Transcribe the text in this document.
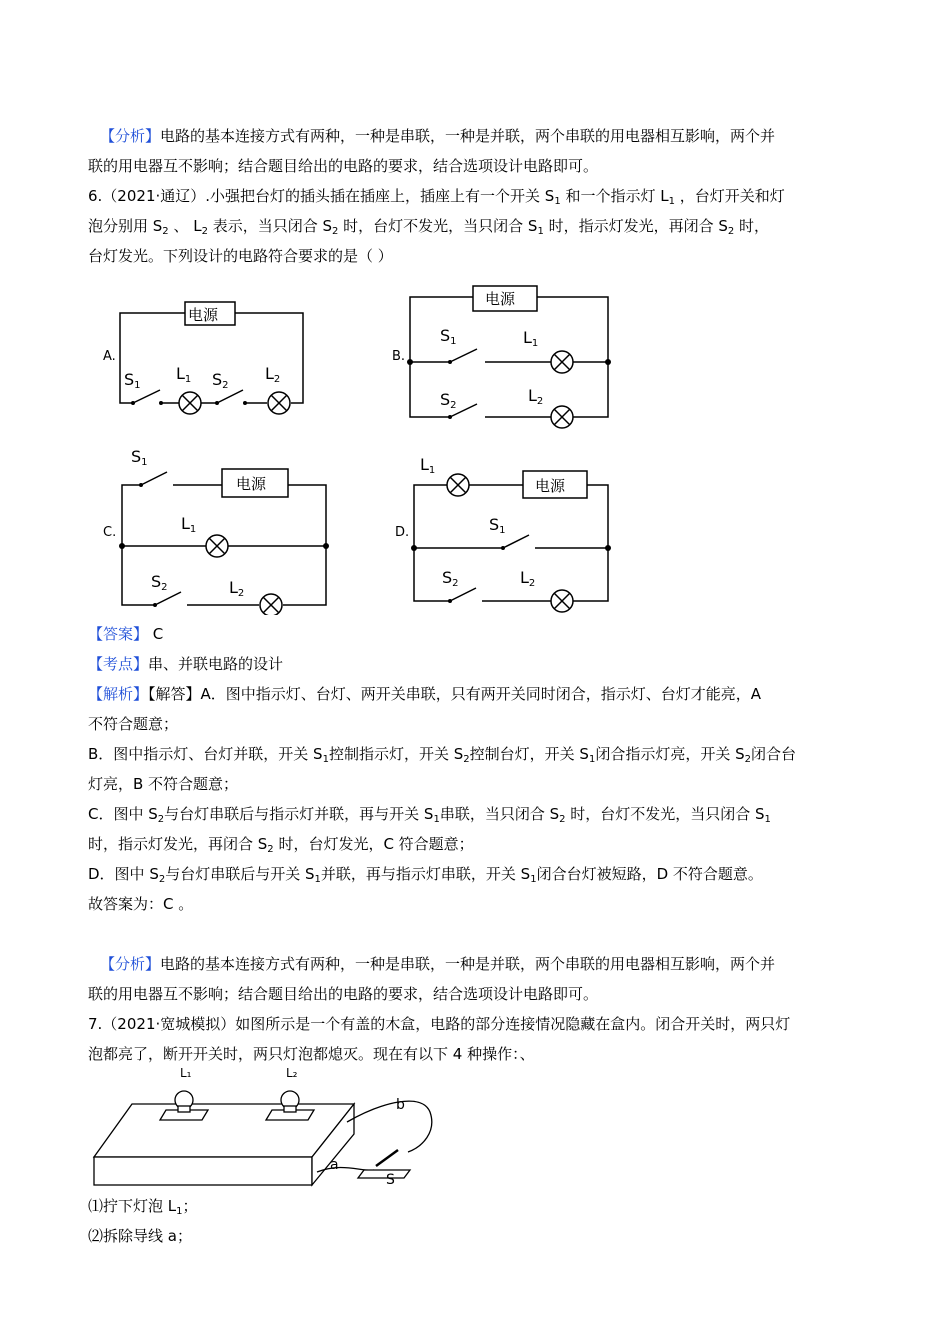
【分析】电路的基本连接方式有两种，一种是串联，一种是并联，两个串联的用电器相互影响，两个并
联的用电器互不影响；结合题目给出的电路的要求，结合选项设计电路即可。
6.（2021·通辽）.小强把台灯的插头插在插座上，插座上有一个开关 $S_1$ 和一个指示灯 $L_1$ ，台灯开关和灯
泡分别用 $S_2$ 、 $L_2$ 表示，当只闭合 $S_2$ 时，台灯不发光，当只闭合 $S_1$ 时，指示灯发光，再闭合 $S_2$ 时，
台灯发光。下列设计的电路符合要求的是（ ）
电源
电源
电源	电源
A.	B.
C.	D.
$S_1$
$L_1$ $S_2$
$L_2$
$S_1$	$L_1$
$S_2$
$L_2$
$S_1$
$L_1$
$S_2$	$L_2$
$L_1$
$S_1$
$S_2$	$L_2$
【答案】 C
【考点】串、并联电路的设计
【解析】【解答】A．图中指示灯、台灯、两开关串联，只有两开关同时闭合，指示灯、台灯才能亮，A
不符合题意；
B．图中指示灯、台灯并联，开关 $S_1$控制指示灯，开关 $S_2$控制台灯，开关 $S_1$闭合指示灯亮，开关 $S_2$闭合台
灯亮，B 不符合题意；
C．图中 $S_2$与台灯串联后与指示灯并联，再与开关 $S_1$串联，当只闭合 $S_2$ 时，台灯不发光，当只闭合 $S_1$
时，指示灯发光，再闭合 $S_2$ 时，台灯发光，C 符合题意；
D．图中 $S_2$与台灯串联后与开关 $S_1$并联，再与指示灯串联，开关 $S_1$闭合台灯被短路，D 不符合题意。
故答案为：C 。
【分析】电路的基本连接方式有两种，一种是串联，一种是并联，两个串联的用电器相互影响，两个并
联的用电器互不影响；结合题目给出的电路的要求，结合选项设计电路即可。
7.（2021·宽城模拟）如图所示是一个有盖的木盒，电路的部分连接情况隐藏在盒内。闭合开关时，两只灯
泡都亮了，断开开关时，两只灯泡都熄灭。现在有以下 4 种操作：、
L₁	L₂
b
a
S
⑴拧下灯泡 $L_1$；
⑵拆除导线 a；
